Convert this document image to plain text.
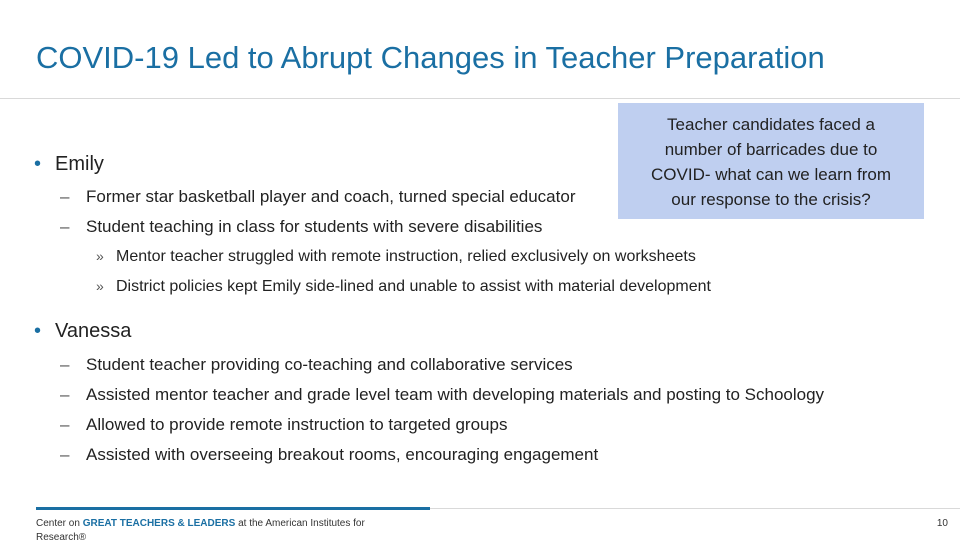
COVID-19 Led to Abrupt Changes in Teacher Preparation
Teacher candidates faced a
number of barricades due to
COVID- what can we learn from
our response to the crisis?
• Emily
– Former star basketball player and coach, turned special educator
– Student teaching in class for students with severe disabilities
» Mentor teacher struggled with remote instruction, relied exclusively on worksheets
» District policies kept Emily side-lined and unable to assist with material development
• Vanessa
– Student teacher providing co-teaching and collaborative services
– Assisted mentor teacher and grade level team with developing materials and posting to Schoology
– Allowed to provide remote instruction to targeted groups
– Assisted with overseeing breakout rooms, encouraging engagement
Center on GREAT TEACHERS & LEADERS at the American Institutes for Research®
10
